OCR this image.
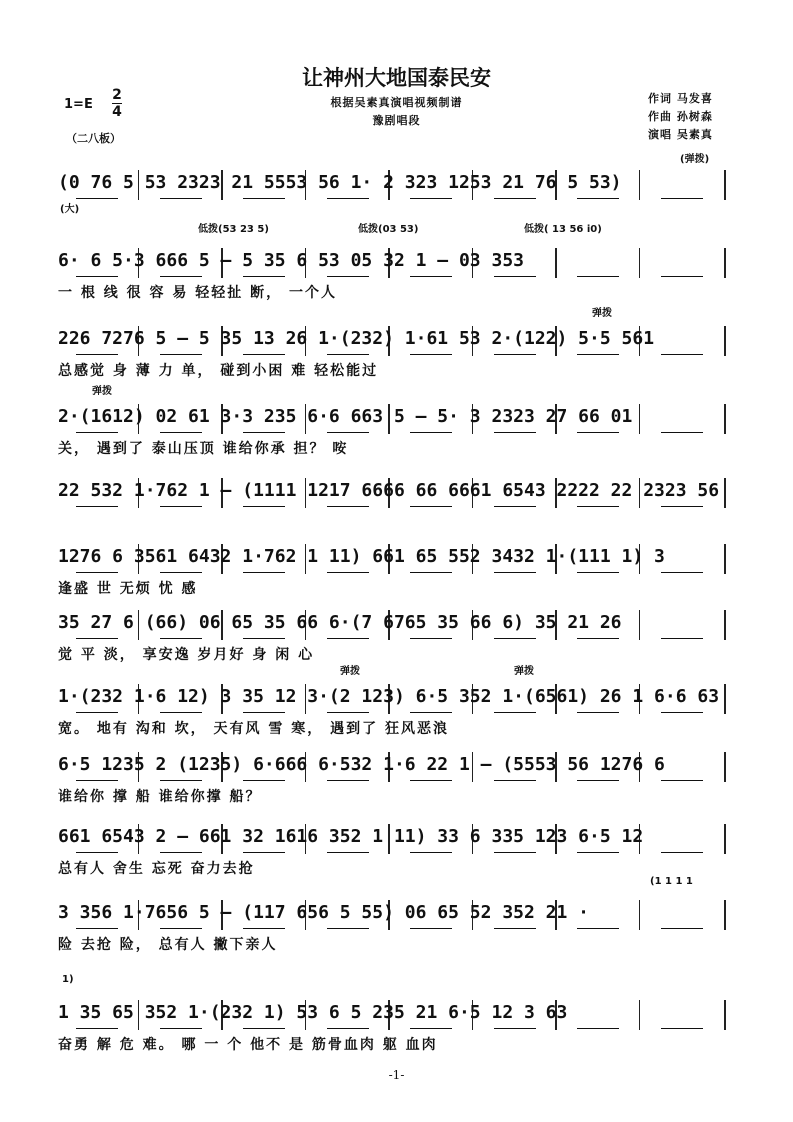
让神州大地国泰民安
根据吴素真演唱视频制谱
豫剧唱段
作词 马发喜
作曲 孙树森
演唱 吴素真
1=E
2
4
（二八板）
(0 76 5 53 2323 21 5553 56 1· 2 323 1253 21 76 5 53)
(大)
(弹拨)
6· 6 5·3 666 5 — 5 35 6 53 05 32 1 — 03 353
一 根 线 很 容 易 轻轻扯 断， 一个人
低拨(53 23 5)	低拨(03 53)	低拨( 13 56 i0)
226 7276 5 — 5 35 13 26 1·(232) 1·61 53 2·(122) 5·5 561
总感觉 身 薄 力 单， 碰到小困 难 轻松能过
弹拨
2·(1612) 02 61 3·3 235 6·6 663 5 — 5· 3 2323 27 66 01
关， 遇到了 泰山压顶 谁给你承 担？ 咹
弹拨
22 532 1·762 1 — (1111 1217 6666 66 6661 6543 2222 22 2323 56
1276 6 3561 6432 1·762 1 11) 661 65 552 3432 1·(111 1) 3
逢盛 世 无烦 忧 感
35 27 6 (66) 06 65 35 66 6·(7 6765 35 66 6) 35 21 26
觉 平 淡， 享安逸 岁月好 身 闲 心
1·(232 1·6 12) 3 35 12 3·(2 123) 6·5 352 1·(6561) 26 1 6·6 63
宽。 地有 沟和 坎， 天有风 雪 寒， 遇到了 狂风恶浪
弹拨	弹拨
6·5 1235 2 (1235) 6·666 6·532 1·6 22 1 — (5553 56 1276 6
谁给你 撑 船 谁给你撑 船？
661 6543 2 — 661 32 1616 352 1 11) 33 6 335 123 6·5 12
总有人 舍生 忘死 奋力去抢
3 356 1·7656 5 — (117 656 5 55) 06 65 52 352 21 ·
险 去抢 险， 总有人 撇下亲人
(1 1 1 1
1 35 65 352 1·(232 1) 53 6 5 235 21 6·5 12 3 63
奋勇 解 危 难。 哪 一 个 他不 是 筋骨血肉 躯 血肉
1)
-1-
